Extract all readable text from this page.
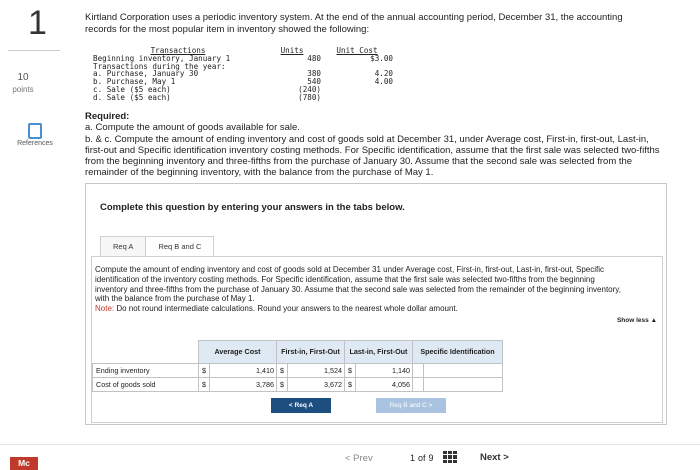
1
10
points
References
Kirtland Corporation uses a periodic inventory system. At the end of the annual accounting period, December 31, the accounting records for the most popular item in inventory showed the following:
Transactions	Units	Unit Cost
Beginning inventory, January 1	480	$3.00
Transactions during the year:		
a. Purchase, January 30	380	4.20
b. Purchase, May 1	540	4.00
c. Sale ($5 each)	(240)	
d. Sale ($5 each)	(780)	
Required:
a. Compute the amount of goods available for sale.
b. & c. Compute the amount of ending inventory and cost of goods sold at December 31, under Average cost, First-in, first-out, Last-in, first-out and Specific identification inventory costing methods. For Specific identification, assume that the first sale was selected two-fifths from the beginning inventory and three-fifths from the purchase of January 30. Assume that the second sale was selected from the remainder of the beginning inventory, with the balance from the purchase of May 1.
Complete this question by entering your answers in the tabs below.
Req A	Req B and C
Compute the amount of ending inventory and cost of goods sold at December 31 under Average cost, First-in, first-out, Last-in, first-out, Specific identification of the inventory costing methods. For Specific identification, assume that the first sale was selected two-fifths from the beginning inventory and three-fifths from the purchase of January 30. Assume that the second sale was selected from the remainder of the beginning inventory, with the balance from the purchase of May 1.
Note: Do not round intermediate calculations. Round your answers to the nearest whole dollar amount.
Show less ▲
	Average Cost		First-in, First-Out		Last-in, First-Out		Specific Identification	
Ending inventory	$	1,410	$	1,524	$	1,140		
Cost of goods sold	$	3,786	$	3,672	$	4,056		
< Req A	Req B and C >
Mc	< Prev	1 of 9	Next >
